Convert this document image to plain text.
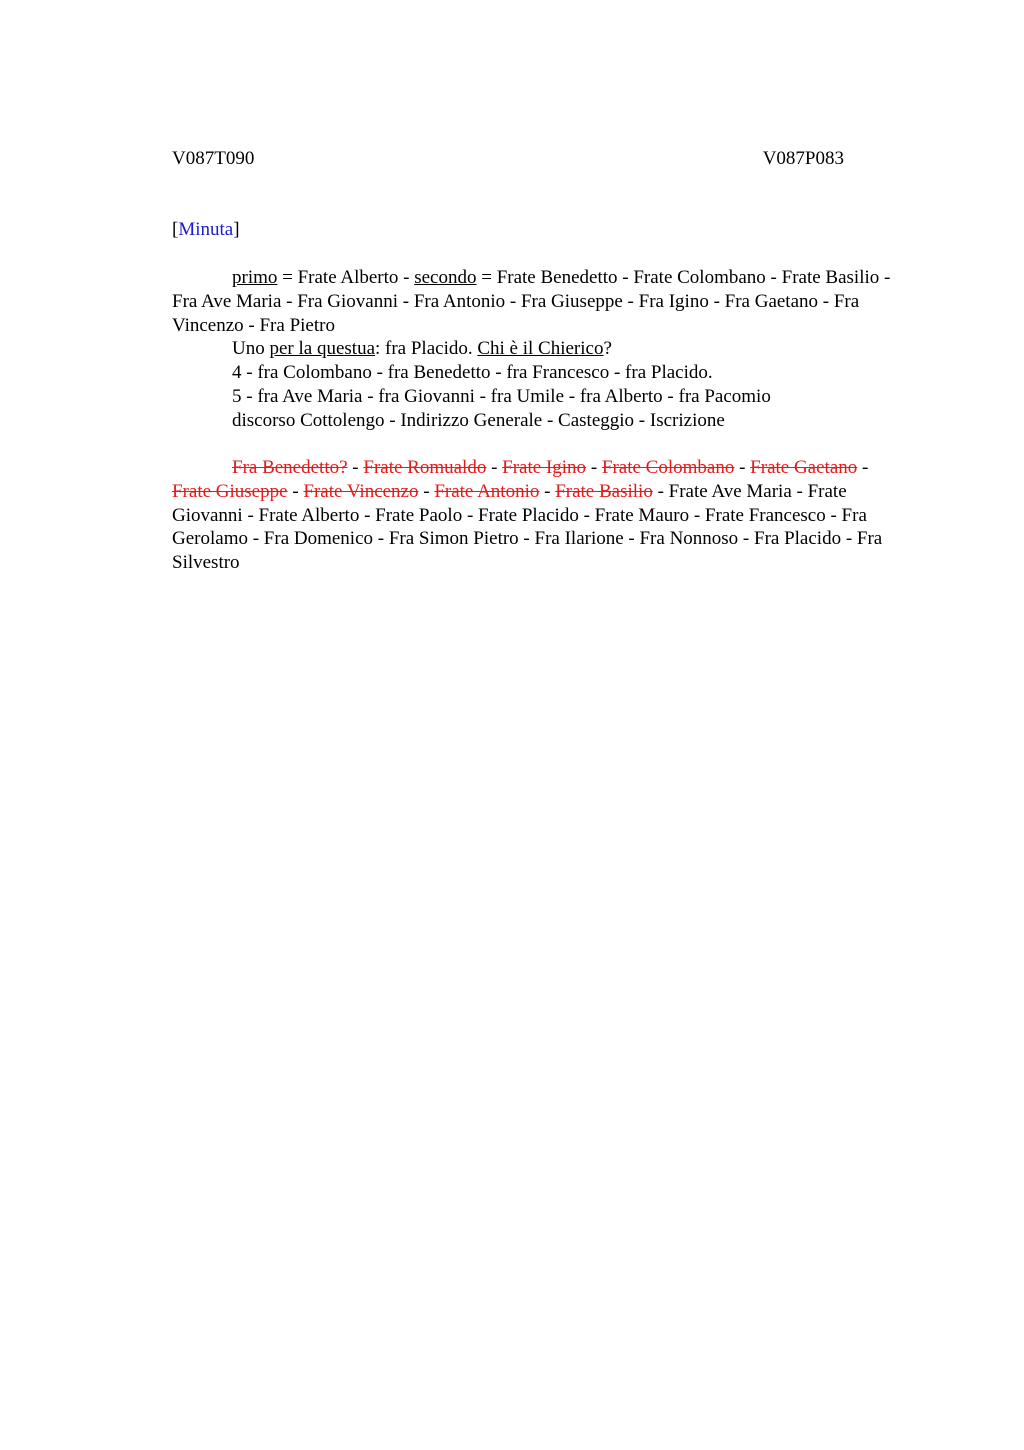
V087T090	V087P083
[Minuta]

primo = Frate Alberto - secondo = Frate Benedetto - Frate Colombano - Frate Basilio - Fra Ave Maria - Fra Giovanni - Fra Antonio - Fra Giuseppe - Fra Igino - Fra Gaetano - Fra Vincenzo - Fra Pietro

Uno per la questua: fra Placido. Chi è il Chierico?

4 - fra Colombano - fra Benedetto - fra Francesco - fra Placido.

5 - fra Ave Maria - fra Giovanni - fra Umile - fra Alberto - fra Pacomio

discorso Cottolengo - Indirizzo Generale - Casteggio - Iscrizione

Fra Benedetto? - Frate Romualdo - Frate Igino - Frate Colombano - Frate Gaetano - Frate Giuseppe - Frate Vincenzo - Frate Antonio - Frate Basilio - Frate Ave Maria - Frate Giovanni - Frate Alberto - Frate Paolo - Frate Placido - Frate Mauro - Frate Francesco - Fra Gerolamo - Fra Domenico - Fra Simon Pietro - Fra Ilarione - Fra Nonnoso - Fra Placido - Fra Silvestro
